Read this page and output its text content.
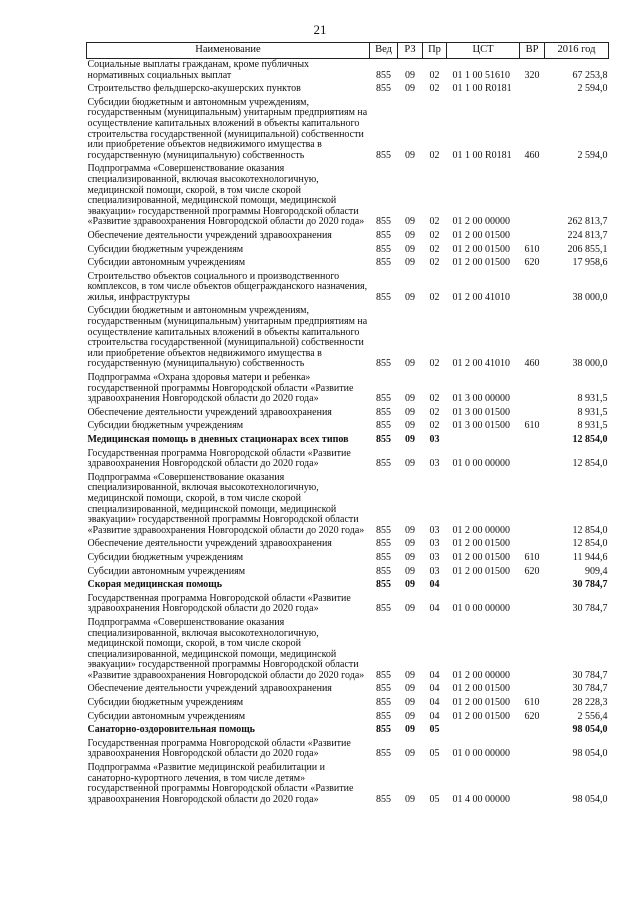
21
Наименование	Вед	РЗ	Пр	ЦСТ	ВР	2016 год
Социальные выплаты гражданам, кроме публичных нормативных социальных выплат	855	09	02	01 1 00 51610	320	67 253,8
Строительство фельдшерско-акушерских пунктов	855	09	02	01 1 00 R0181		2 594,0
Субсидии бюджетным и автономным учреждениям, государственным (муниципальным) унитарным предприятиям на осуществление капитальных вложений в объекты капитального строительства государственной (муниципальной) собственности или приобретение объектов недвижимого имущества в государственную (муниципальную) собственность	855	09	02	01 1 00 R0181	460	2 594,0
Подпрограмма «Совершенствование оказания специализированной, включая высокотехнологичную, медицинской помощи, скорой, в том числе скорой специализированной, медицинской помощи, медицинской эвакуации» государственной программы Новгородской области «Развитие здравоохранения Новгородской области до 2020 года»	855	09	02	01 2 00 00000		262 813,7
Обеспечение деятельности учреждений здравоохранения	855	09	02	01 2 00 01500		224 813,7
Субсидии бюджетным учреждениям	855	09	02	01 2 00 01500	610	206 855,1
Субсидии автономным учреждениям	855	09	02	01 2 00 01500	620	17 958,6
Строительство объектов социального и производственного комплексов, в том числе объектов общегражданского назначения, жилья, инфраструктуры	855	09	02	01 2 00 41010		38 000,0
Субсидии бюджетным и автономным учреждениям, государственным (муниципальным) унитарным предприятиям на осуществление капитальных вложений в объекты капитального строительства государственной (муниципальной) собственности или приобретение объектов недвижимого имущества в государственную (муниципальную) собственность	855	09	02	01 2 00 41010	460	38 000,0
Подпрограмма «Охрана здоровья матери и ребенка» государственной программы Новгородской области «Развитие здравоохранения Новгородской области до 2020 года»	855	09	02	01 3 00 00000		8 931,5
Обеспечение деятельности учреждений здравоохранения	855	09	02	01 3 00 01500		8 931,5
Субсидии бюджетным учреждениям	855	09	02	01 3 00 01500	610	8 931,5
Медицинская помощь в дневных стационарах всех типов	855	09	03			12 854,0
Государственная программа Новгородской области «Развитие здравоохранения Новгородской области до 2020 года»	855	09	03	01 0 00 00000		12 854,0
Подпрограмма «Совершенствование оказания специализированной, включая высокотехнологичную, медицинской помощи, скорой, в том числе скорой специализированной, медицинской помощи, медицинской эвакуации» государственной программы Новгородской области «Развитие здравоохранения Новгородской области до 2020 года»	855	09	03	01 2 00 00000		12 854,0
Обеспечение деятельности учреждений здравоохранения	855	09	03	01 2 00 01500		12 854,0
Субсидии бюджетным учреждениям	855	09	03	01 2 00 01500	610	11 944,6
Субсидии автономным учреждениям	855	09	03	01 2 00 01500	620	909,4
Скорая медицинская помощь	855	09	04			30 784,7
Государственная программа Новгородской области «Развитие здравоохранения Новгородской области до 2020 года»	855	09	04	01 0 00 00000		30 784,7
Подпрограмма «Совершенствование оказания специализированной, включая высокотехнологичную, медицинской помощи, скорой, в том числе скорой специализированной, медицинской помощи, медицинской эвакуации» государственной программы Новгородской области «Развитие здравоохранения Новгородской области до 2020 года»	855	09	04	01 2 00 00000		30 784,7
Обеспечение деятельности учреждений здравоохранения	855	09	04	01 2 00 01500		30 784,7
Субсидии бюджетным учреждениям	855	09	04	01 2 00 01500	610	28 228,3
Субсидии автономным учреждениям	855	09	04	01 2 00 01500	620	2 556,4
Санаторно-оздоровительная помощь	855	09	05			98 054,0
Государственная программа Новгородской области «Развитие здравоохранения Новгородской области до 2020 года»	855	09	05	01 0 00 00000		98 054,0
Подпрограмма «Развитие медицинской реабилитации и санаторно-курортного лечения, в том числе детям» государственной программы Новгородской области «Развитие здравоохранения Новгородской области до 2020 года»	855	09	05	01 4 00 00000		98 054,0
